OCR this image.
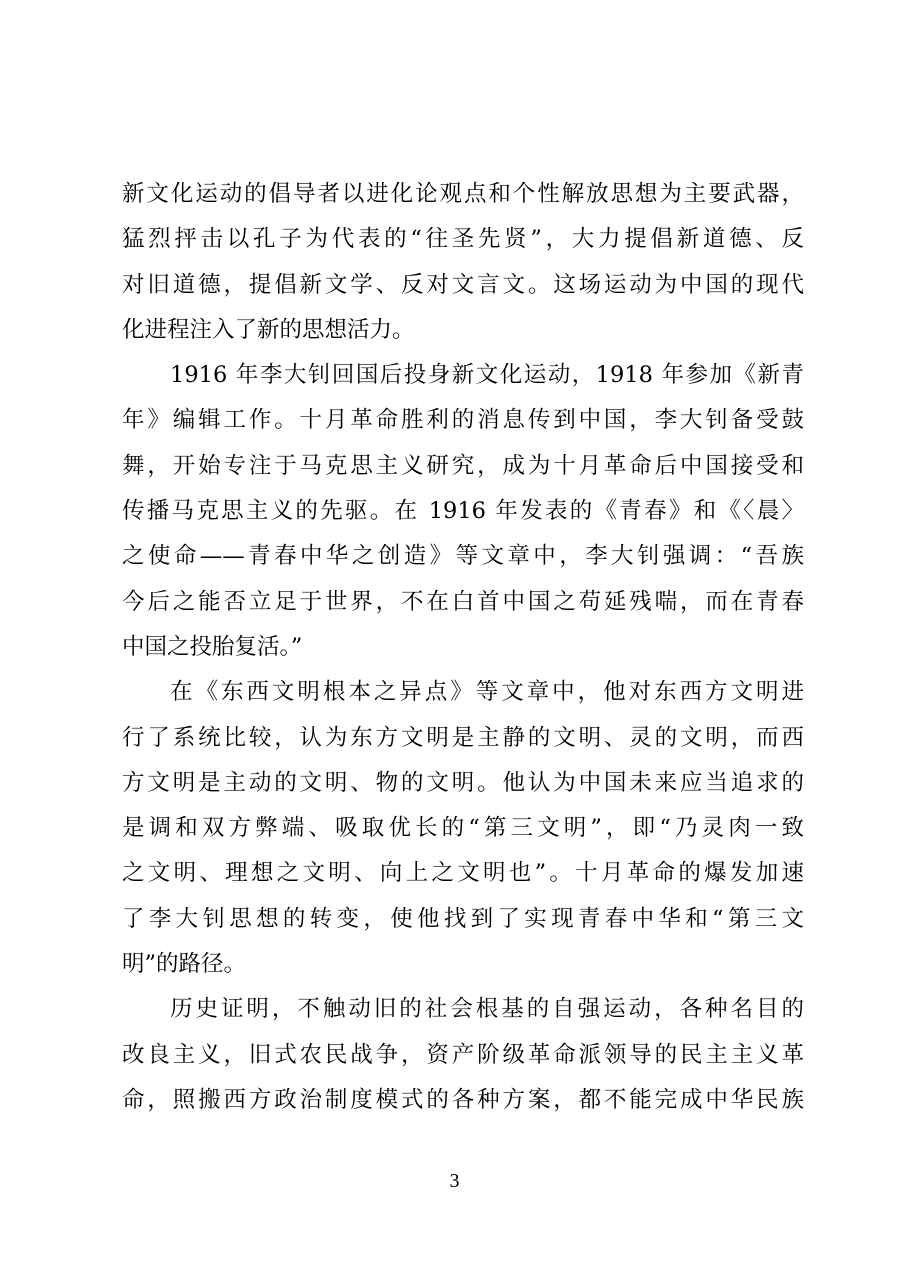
新文化运动的倡导者以进化论观点和个性解放思想为主要武器，
猛烈抨击以孔子为代表的“往圣先贤”，大力提倡新道德、反
对旧道德，提倡新文学、反对文言文。这场运动为中国的现代
化进程注入了新的思想活力。
1916 年李大钊回国后投身新文化运动，1918 年参加《新青
年》编辑工作。十月革命胜利的消息传到中国，李大钊备受鼓
舞，开始专注于马克思主义研究，成为十月革命后中国接受和
传播马克思主义的先驱。在 1916 年发表的《青春》和《〈晨〉
之使命——青春中华之创造》等文章中，李大钊强调：“吾族
今后之能否立足于世界，不在白首中国之苟延残喘，而在青春
中国之投胎复活。”
在《东西文明根本之异点》等文章中，他对东西方文明进
行了系统比较，认为东方文明是主静的文明、灵的文明，而西
方文明是主动的文明、物的文明。他认为中国未来应当追求的
是调和双方弊端、吸取优长的“第三文明”，即“乃灵肉一致
之文明、理想之文明、向上之文明也”。十月革命的爆发加速
了李大钊思想的转变，使他找到了实现青春中华和“第三文
明”的路径。
历史证明，不触动旧的社会根基的自强运动，各种名目的
改良主义，旧式农民战争，资产阶级革命派领导的民主主义革
命，照搬西方政治制度模式的各种方案，都不能完成中华民族
3
